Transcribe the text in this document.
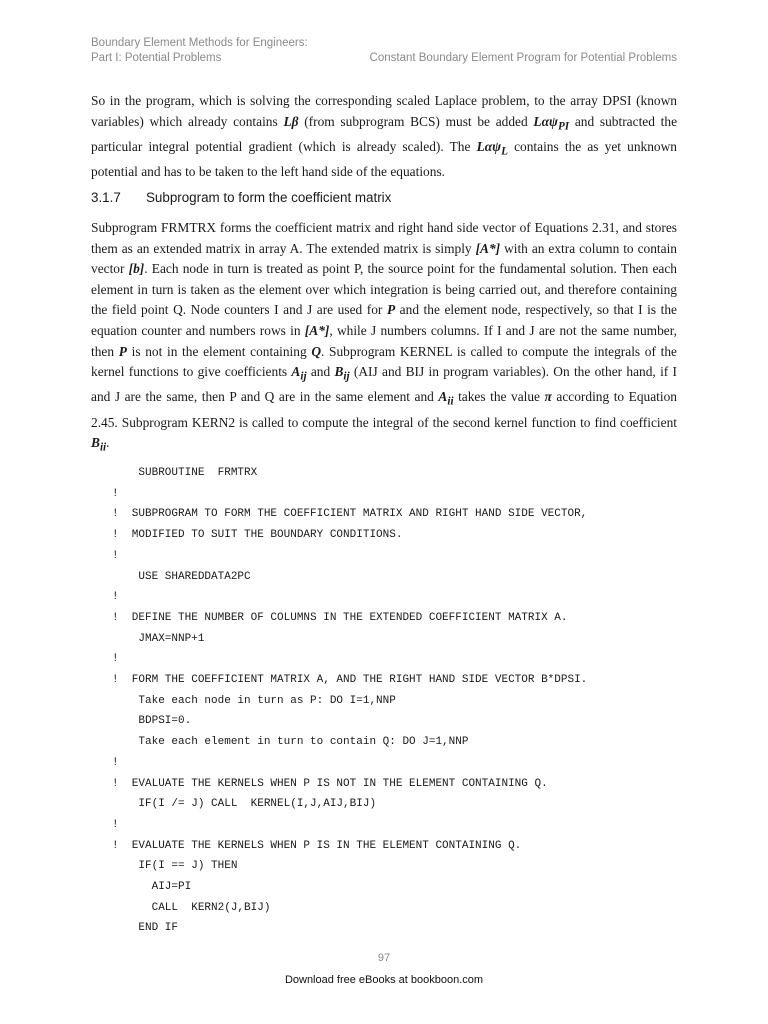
Boundary Element Methods for Engineers:
Part I: Potential Problems	Constant Boundary Element Program for Potential Problems

So in the program, which is solving the corresponding scaled Laplace problem, to the array DPSI (known variables) which already contains Lβ (from subprogram BCS) must be added Lαψ$_{PI}$ and subtracted the particular integral potential gradient (which is already scaled). The Lαψ$_L$ contains the as yet unknown potential and has to be taken to the left hand side of the equations.

3.1.7 Subprogram to form the coefficient matrix

Subprogram FRMTRX forms the coefficient matrix and right hand side vector of Equations 2.31, and stores them as an extended matrix in array A. The extended matrix is simply [A*] with an extra column to contain vector [b]. Each node in turn is treated as point P, the source point for the fundamental solution. Then each element in turn is taken as the element over which integration is being carried out, and therefore containing the field point Q. Node counters I and J are used for P and the element node, respectively, so that I is the equation counter and numbers rows in [A*], while J numbers columns. If I and J are not the same number, then P is not in the element containing Q. Subprogram KERNEL is called to compute the integrals of the kernel functions to give coefficients $A_{ij}$ and $B_{ij}$ (AIJ and BIJ in program variables). On the other hand, if I and J are the same, then P and Q are in the same element and $A_{ii}$ takes the value π according to Equation 2.45. Subprogram KERN2 is called to compute the integral of the second kernel function to find coefficient $B_{ii}$.

SUBROUTINE  FRMTRX
!
!  SUBPROGRAM TO FORM THE COEFFICIENT MATRIX AND RIGHT HAND SIDE VECTOR,
!  MODIFIED TO SUIT THE BOUNDARY CONDITIONS.
!
USE SHAREDDATA2PC
!
!  DEFINE THE NUMBER OF COLUMNS IN THE EXTENDED COEFFICIENT MATRIX A.
JMAX=NNP+1
!
!  FORM THE COEFFICIENT MATRIX A, AND THE RIGHT HAND SIDE VECTOR B*DPSI.
Take each node in turn as P: DO I=1,NNP
BDPSI=0.
Take each element in turn to contain Q: DO J=1,NNP
!
!  EVALUATE THE KERNELS WHEN P IS NOT IN THE ELEMENT CONTAINING Q.
IF(I /= J) CALL  KERNEL(I,J,AIJ,BIJ)
!
!  EVALUATE THE KERNELS WHEN P IS IN THE ELEMENT CONTAINING Q.
IF(I == J) THEN
AIJ=PI
CALL  KERN2(J,BIJ)
END IF
97
Download free eBooks at bookboon.com
